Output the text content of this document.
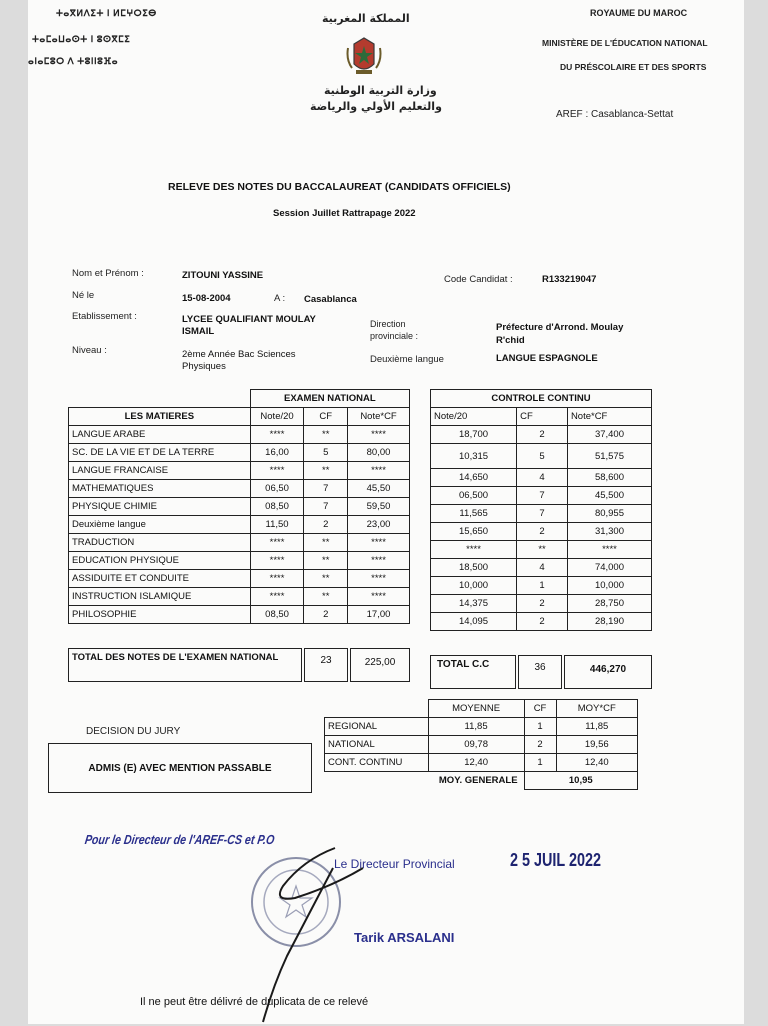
ⵜⴰⴳⵍⴷⵉⵜ ⵏ ⵍⵎⵖⵔⵉⴱ
ⵜⴰⵎⴰⵡⴰⵙⵜ ⵏ ⵓⵙⴳⵎⵉ
ⴰⵏⴰⵎⵓⵔ ⴷ ⵜⵓⵏⵏⵓⴼⴰ
المملكة المغربية
وزارة التربية الوطنية
والتعليم الأولي والرياضة
ROYAUME DU MAROC
MINISTÈRE DE L'ÉDUCATION NATIONAL
DU PRÉSCOLAIRE ET DES SPORTS
AREF : Casablanca-Settat
RELEVE DES NOTES DU BACCALAUREAT (CANDIDATS OFFICIELS)
Session Juillet Rattrapage 2022
Nom et Prénom :	ZITOUNI YASSINE	Code Candidat :	R133219047
Né le	15-08-2004	A : Casablanca
Etablissement :	LYCEE QUALIFIANT MOULAY
ISMAIL
Direction
provinciale :
Préfecture d'Arrond. Moulay
R'chid
Niveau :	2ème Année Bac Sciences
Physiques
Deuxième langue	LANGUE ESPAGNOLE
	EXAMEN NATIONAL		
LES MATIERES	Note/20	CF	Note*CF
LANGUE ARABE	****	**	****
SC. DE LA VIE ET DE LA TERRE	16,00	5	80,00
LANGUE FRANCAISE	****	**	****
MATHEMATIQUES	06,50	7	45,50
PHYSIQUE CHIMIE	08,50	7	59,50
Deuxième langue	11,50	2	23,00
TRADUCTION	****	**	****
EDUCATION PHYSIQUE	****	**	****
ASSIDUITE ET CONDUITE	****	**	****
INSTRUCTION ISLAMIQUE	****	**	****
PHILOSOPHIE	08,50	2	17,00
TOTAL DES NOTES DE L'EXAMEN NATIONAL	23	225,00
CONTROLE CONTINU		
Note/20	CF	Note*CF
18,700	2	37,400
10,315	5	51,575
14,650	4	58,600
06,500	7	45,500
11,565	7	80,955
15,650	2	31,300
****	**	****
18,500	4	74,000
10,000	1	10,000
14,375	2	28,750
14,095	2	28,190
TOTAL C.C	36	446,270
DECISION DU JURY
ADMIS (E) AVEC MENTION PASSABLE
	MOYENNE	CF	MOY*CF
REGIONAL	11,85	1	11,85
NATIONAL	09,78	2	19,56
CONT. CONTINU	12,40	1	12,40
MOY. GENERALE		10,95	
Pour le Directeur de l'AREF-CS et P.O
Le Directeur Provincial	2 5 JUIL 2022
Tarik ARSALANI
Il ne peut être délivré de duplicata de ce relevé
